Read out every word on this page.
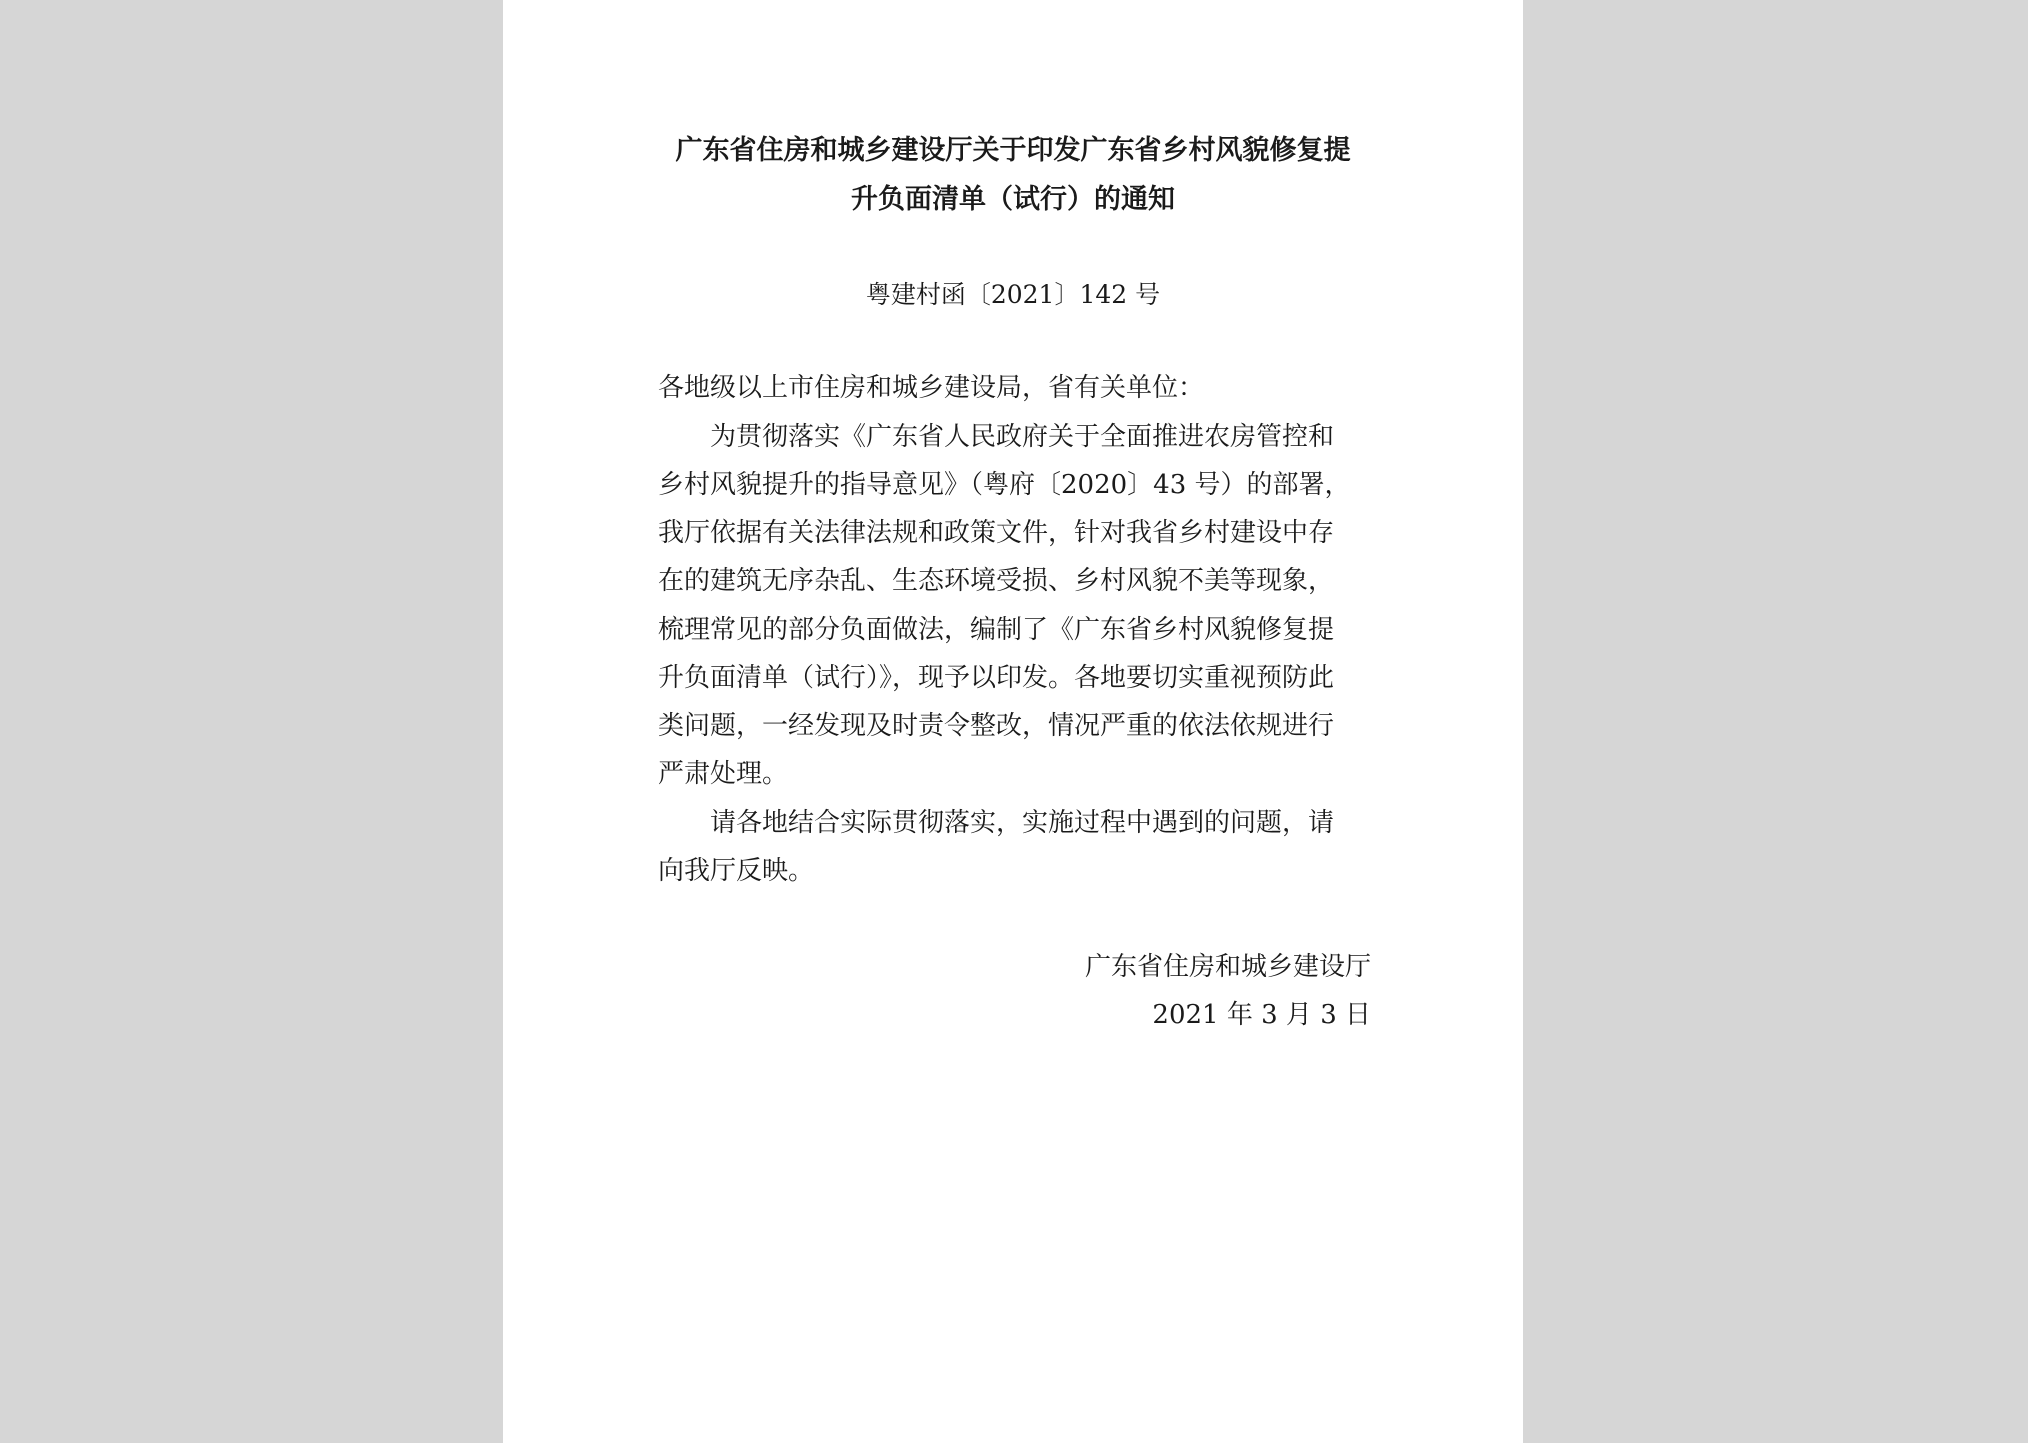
广东省住房和城乡建设厅关于印发广东省乡村风貌修复提
升负面清单（试行）的通知
粤建村函〔2021〕142 号
各地级以上市住房和城乡建设局，省有关单位：
　　为贯彻落实《广东省人民政府关于全面推进农房管控和
乡村风貌提升的指导意见》（粤府〔2020〕43 号）的部署，
我厅依据有关法律法规和政策文件，针对我省乡村建设中存
在的建筑无序杂乱、生态环境受损、乡村风貌不美等现象，
梳理常见的部分负面做法，编制了《广东省乡村风貌修复提
升负面清单（试行）》，现予以印发。各地要切实重视预防此
类问题，一经发现及时责令整改，情况严重的依法依规进行
严肃处理。
　　请各地结合实际贯彻落实，实施过程中遇到的问题，请
向我厅反映。
广东省住房和城乡建设厅
2021 年 3 月 3 日
